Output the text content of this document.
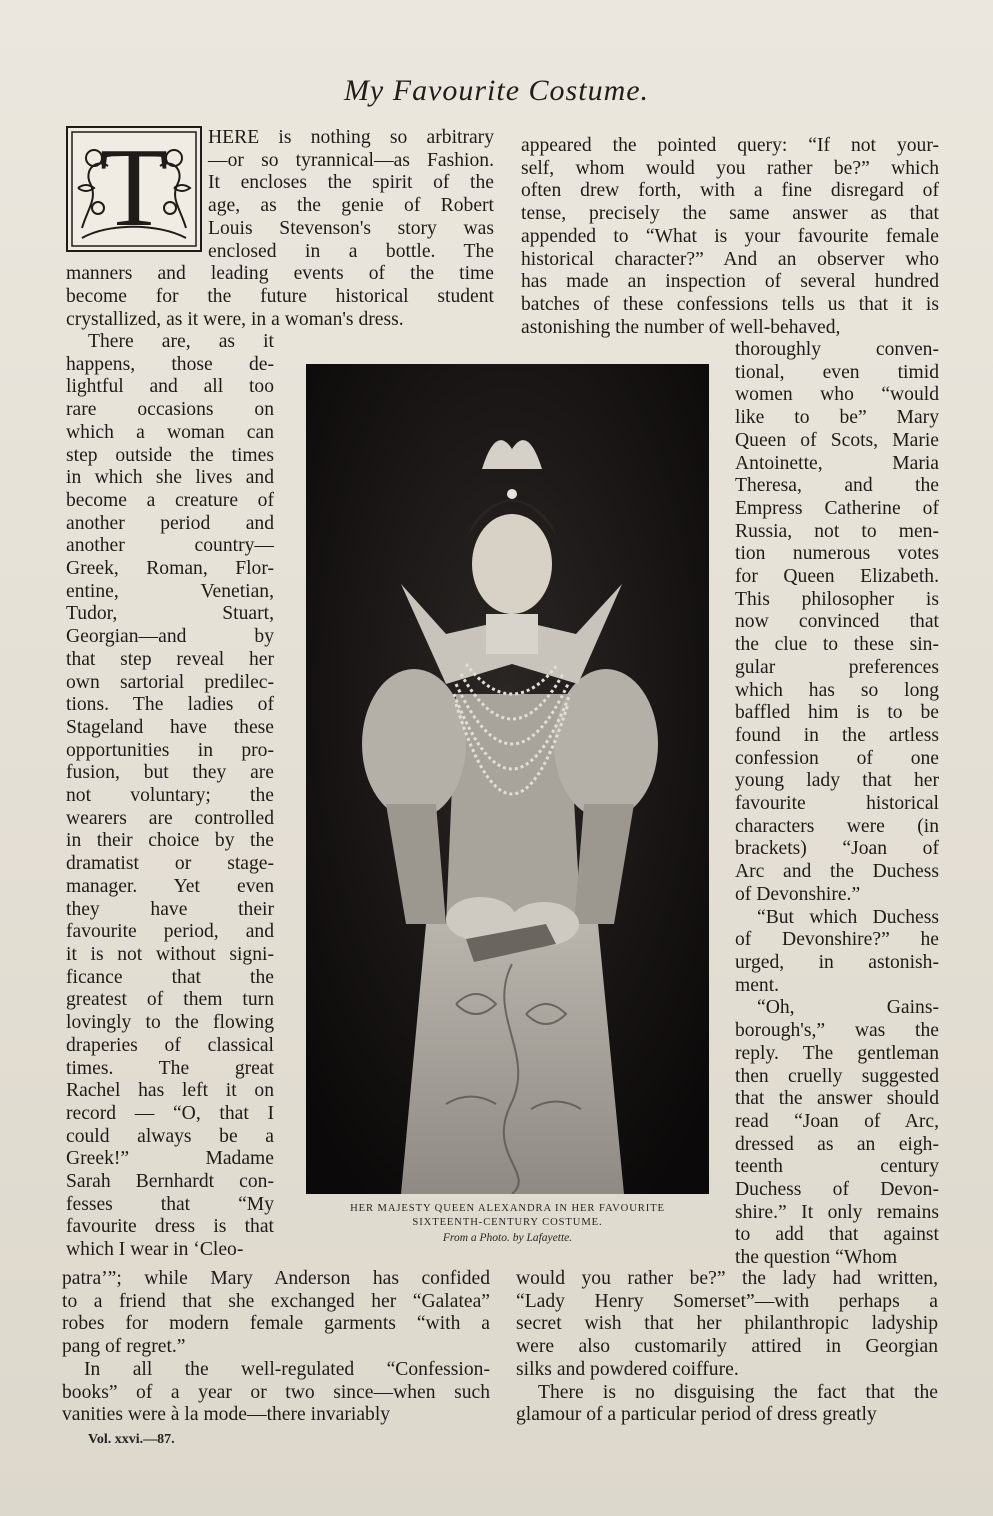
My Favourite Costume.
T	HERE is nothing so arbitrary
—or so tyrannical—as Fashion.
It encloses the spirit of the
age, as the genie of Robert
Louis Stevenson's story was
enclosed in a bottle. The
manners and leading events of the time
become for the future historical student
crystallized, as it were, in a woman's dress.
There are, as it
happens, those de-
lightful and all too
rare occasions on
which a woman can
step outside the times
in which she lives and
become a creature of
another period and
another country—
Greek, Roman, Flor-
entine, Venetian,
Tudor, Stuart,
Georgian—and by
that step reveal her
own sartorial predilec-
tions. The ladies of
Stageland have these
opportunities in pro-
fusion, but they are
not voluntary; the
wearers are controlled
in their choice by the
dramatist or stage-
manager. Yet even
they have their
favourite period, and
it is not without signi-
ficance that the
greatest of them turn
lovingly to the flowing
draperies of classical
times. The great
Rachel has left it on
record — “O, that I
could always be a
Greek!” Madame
Sarah Bernhardt con-
fesses that “My
favourite dress is that
which I wear in ‘Cleo-
patra’”; while Mary Anderson has confided
to a friend that she exchanged her “Galatea”
robes for modern female garments “with a
pang of regret.”
In all the well-regulated “Confession-
books” of a year or two since—when such
vanities were à la mode—there invariably
appeared the pointed query: “If not your-
self, whom would you rather be?” which
often drew forth, with a fine disregard of
tense, precisely the same answer as that
appended to “What is your favourite female
historical character?” And an observer who
has made an inspection of several hundred
batches of these confessions tells us that it is
astonishing the number of well-behaved,
thoroughly conven-
tional, even timid
women who “would
like to be” Mary
Queen of Scots, Marie
Antoinette, Maria
Theresa, and the
Empress Catherine of
Russia, not to men-
tion numerous votes
for Queen Elizabeth.
This philosopher is
now convinced that
the clue to these sin-
gular preferences
which has so long
baffled him is to be
found in the artless
confession of one
young lady that her
favourite historical
characters were (in
brackets) “Joan of
Arc and the Duchess
of Devonshire.”
“But which Duchess
of Devonshire?” he
urged, in astonish-
ment.
“Oh, Gains-
borough's,” was the
reply. The gentleman
then cruelly suggested
that the answer should
read “Joan of Arc,
dressed as an eigh-
teenth century
Duchess of Devon-
shire.” It only remains
to add that against
the question “Whom
would you rather be?” the lady had written,
“Lady Henry Somerset”—with perhaps a
secret wish that her philanthropic ladyship
were also customarily attired in Georgian
silks and powdered coiffure.
There is no disguising the fact that the
glamour of a particular period of dress greatly
HER MAJESTY QUEEN ALEXANDRA IN HER FAVOURITE
SIXTEENTH-CENTURY COSTUME.
From a Photo. by Lafayette.
Vol. xxvi.—87.
